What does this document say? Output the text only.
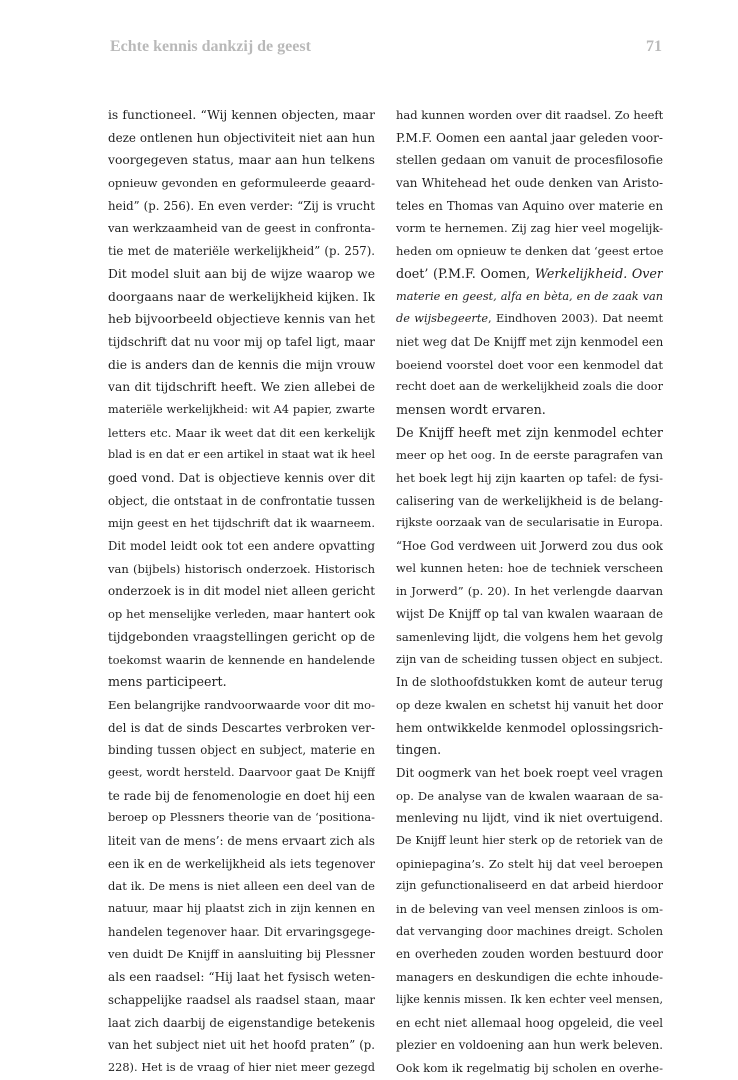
Echte kennis dankzij de geest	71
is functioneel. “Wij kennen objecten, maar
deze ontlenen hun objectiviteit niet aan hun
voorgegeven status, maar aan hun telkens
opnieuw gevonden en geformuleerde geaard-
heid” (p. 256). En even verder: “Zij is vrucht
van werkzaamheid van de geest in confronta-
tie met de materiële werkelijkheid” (p. 257).
Dit model sluit aan bij de wijze waarop we
doorgaans naar de werkelijkheid kijken. Ik
heb bijvoorbeeld objectieve kennis van het
tijdschrift dat nu voor mij op tafel ligt, maar
die is anders dan de kennis die mijn vrouw
van dit tijdschrift heeft. We zien allebei de
materiële werkelijkheid: wit A4 papier, zwarte
letters etc. Maar ik weet dat dit een kerkelijk
blad is en dat er een artikel in staat wat ik heel
goed vond. Dat is objectieve kennis over dit
object, die ontstaat in de confrontatie tussen
mijn geest en het tijdschrift dat ik waarneem.
Dit model leidt ook tot een andere opvatting
van (bijbels) historisch onderzoek. Historisch
onderzoek is in dit model niet alleen gericht
op het menselijke verleden, maar hantert ook
tijdgebonden vraagstellingen gericht op de
toekomst waarin de kennende en handelende
mens participeert.
Een belangrijke randvoorwaarde voor dit mo-
del is dat de sinds Descartes verbroken ver-
binding tussen object en subject, materie en
geest, wordt hersteld. Daarvoor gaat De Knijff
te rade bij de fenomenologie en doet hij een
beroep op Plessners theorie van de ‘positiona-
liteit van de mens’: de mens ervaart zich als
een ik en de werkelijkheid als iets tegenover
dat ik. De mens is niet alleen een deel van de
natuur, maar hij plaatst zich in zijn kennen en
handelen tegenover haar. Dit ervaringsgege-
ven duidt De Knijff in aansluiting bij Plessner
als een raadsel: “Hij laat het fysisch weten-
schappelijke raadsel als raadsel staan, maar
laat zich daarbij de eigenstandige betekenis
van het subject niet uit het hoofd praten” (p.
228). Het is de vraag of hier niet meer gezegd
had kunnen worden over dit raadsel. Zo heeft
P.M.F. Oomen een aantal jaar geleden voor-
stellen gedaan om vanuit de procesfilosofie
van Whitehead het oude denken van Aristo-
teles en Thomas van Aquino over materie en
vorm te hernemen. Zij zag hier veel mogelijk-
heden om opnieuw te denken dat ‘geest ertoe
doet’ (P.M.F. Oomen, Werkelijkheid. Over
materie en geest, alfa en bèta, en de zaak van
de wijsbegeerte, Eindhoven 2003). Dat neemt
niet weg dat De Knijff met zijn kenmodel een
boeiend voorstel doet voor een kenmodel dat
recht doet aan de werkelijkheid zoals die door
mensen wordt ervaren.
De Knijff heeft met zijn kenmodel echter
meer op het oog. In de eerste paragrafen van
het boek legt hij zijn kaarten op tafel: de fysi-
calisering van de werkelijkheid is de belang-
rijkste oorzaak van de secularisatie in Europa.
“Hoe God verdween uit Jorwerd zou dus ook
wel kunnen heten: hoe de techniek verscheen
in Jorwerd” (p. 20). In het verlengde daarvan
wijst De Knijff op tal van kwalen waaraan de
samenleving lijdt, die volgens hem het gevolg
zijn van de scheiding tussen object en subject.
In de slothoofdstukken komt de auteur terug
op deze kwalen en schetst hij vanuit het door
hem ontwikkelde kenmodel oplossingsrich-
tingen.
Dit oogmerk van het boek roept veel vragen
op. De analyse van de kwalen waaraan de sa-
menleving nu lijdt, vind ik niet overtuigend.
De Knijff leunt hier sterk op de retoriek van de
opiniepagina’s. Zo stelt hij dat veel beroepen
zijn gefunctionaliseerd en dat arbeid hierdoor
in de beleving van veel mensen zinloos is om-
dat vervanging door machines dreigt. Scholen
en overheden zouden worden bestuurd door
managers en deskundigen die echte inhoude-
lijke kennis missen. Ik ken echter veel mensen,
en echt niet allemaal hoog opgeleid, die veel
plezier en voldoening aan hun werk beleven.
Ook kom ik regelmatig bij scholen en overhe-
